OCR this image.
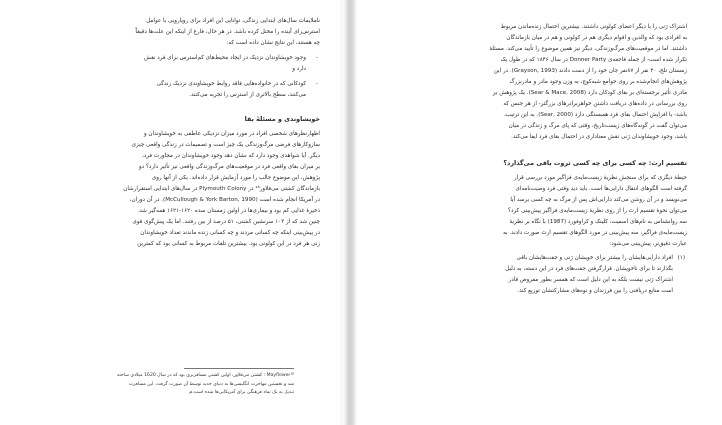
ناملایمات سال‌های ابتدایی زندگی، توانایی این افراد برای رویارویی با عوامل

استرس‌زای آینده را مختل کرده باشد. در هر حال، فارغ از اینکه این علت‌ها دقیقاً

چه هستند، این نتایج نشان داده است که:

-

وجود خویشاوندان نزدیک در ایجاد محیط‌های کم‌استرس برای فرد نقش

دارد و

-

کودکانی که در خانواده‌هایی فاقد روابط خویشاوندی نزدیک زندگی

می‌کنند، سطح بالاتری از استرس را تجربه می‌کنند.

خویشاوندی و مسئلهٔ بقا

اظهارنظرهای شخصی افراد در مورد میزان نزدیکی عاطفی به خویشاوندان و

سازوکارهای فرضی مرگ‌وزندگی یک چیز است و تصمیمات در زندگی واقعی چیزی

دیگر. آیا شواهدی وجود دارد که نشان دهد وجود خویشاوندان در مجاورت فرد،

بر میزان بقای واقعی فرد در موقعیت‌های مرگ‌وزندگی واقعی نیز تأثیر دارد؟ دو

پژوهش، این موضوع جالب را مورد آزمایش قرار داده‌اند. یکی از آنها روی

بازماندگان کشتی می‌فلاور¹⁸ در Plymouth Colony در سال‌های ابتدایی استقرارشان

در آمریکا انجام شده است (McCullough & York Barton, 1990). در آن دوران،

ذخیرهٔ غذایی کم بود و بیماری‌ها در اولین زمستان سده ۱۶۲۰-۱۶۲۱ همه‌گیر شد.

چنین شد که از ۱۰۳ سرنشین کشتی، ۵۱ درصد از بین رفتند. اما یک پیش‌گوی قوی

در پیش‌بینی اینکه چه کسانی مردند و چه کسانی زنده ماندند تعداد خویشاوندان

زنی هر فرد در این کولونی بود. بیشترین تلفات مربوط به کسانی بود که کمترین

Mayflower¹⁸ : کشتی می‌فلاور، اولین کشتی مسافربری بود که در سال 1620 میلادی ساخته

شد و نخستین مهاجرت انگلیسی‌ها به دنیای جدید توسط آن صورت گرفت. این مسافرت

تبدیل به یک نماد فرهنگی برای آمریکایی‌ها شده است.م

اشتراک ژنی را با دیگر اعضای کولونی داشتند. بیشترین احتمال زنده‌ماندن مربوط

به افرادی بود که والدین و اقوام دیگری هم در کولونی و هم در میان بازماندگان

داشتند. اما در موقعیت‌های مرگ‌وزندگی، دیگر نیز همین موضوع را تأیید می‌کند. مسئلهٔ

تکرار شده است- از جمله فاجعه‌ی Donner Party در سال ۱۸۴۶ که در طول یک

زمستان تلخ، ۴۰ نفر از ۸۷نفر جان خود را از دست دادند (Grayson, 1993). در این

پژوهش‌های انجام‌شده بر روی جوامع شبه‌کوچ، به وزن وجود مادر و مادربزرگ

مادری تأثیر برجسته‌ای بر بقای کودکان دارد (Sear & Mace, 2008). یک پژوهش بر

روی بررسانی در داده‌های دریافت داشتن خواهربرادرهای بزرگتر- از هر جنس که

باشد- با افزایش احتمال بقای فرد همبستگی دارد (Sear, 2000). به این ترتیب،

می‌توان گفت در گونه‌گاه‌های زیست‌تاریخ، وقتی که پای مرگ و زندگی در میان

باشد، وجود خویشاوندان ژنی نقش معناداری در احتمال بقای فرد ایفا می‌کند.

تقسیم ارث: چه کسی برای چه کسی ثروت باقی می‌گذارد؟

حیطهٔ دیگری که برای سنجش نظریهٔ زیست‌مایه‌ی فراگیر مورد بررسی قرار

گرفته است الگوهای انتقال دارایی‌ها است. باید دید وقتی فرد وصیت‌نامه‌ای

می‌نویسد و در آن روشن می‌کند دارایی‌اش پس از مرگ به چه کسی برسد آیا

می‌توان نحوهٔ تقسیم ارث را از روی نظریهٔ زیست‌مایه‌ی فراگیر پیش‌بینی کرد؟

سه روانشناس به نام‌های اسمیت، کلینک و کراوفورد (1987) با نگاه بر نظریهٔ

زیست‌مایه‌ی فراگیر، سه پیش‌بینی در مورد الگوهای تقسیم ارث صورت دادند. به

عبارت دقیق‌تر، پیش‌بینی می‌شود:

(۱)

افراد دارایی‌هایشان را بیشتر برای خویشان ژنی و جفت‌هایشان باقی

بگذارند تا برای ناخویشان. قرارگرفتن جفت‌های فرد در این دسته، به دلیل

اشتراک ژنی نیست بلکه به این دلیل است که همسر بطور مفروض قادر

است منابع دریافتی را بین فرزندان و نوه‌های مشارکتشان توزیع کند.
